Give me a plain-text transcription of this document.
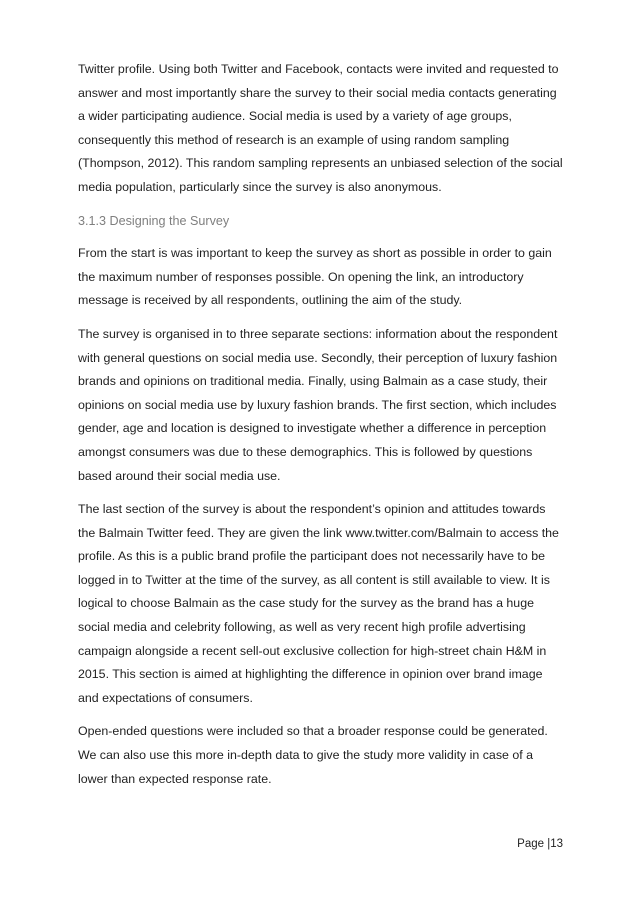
Twitter profile. Using both Twitter and Facebook, contacts were invited and requested to answer and most importantly share the survey to their social media contacts generating a wider participating audience. Social media is used by a variety of age groups, consequently this method of research is an example of using random sampling (Thompson, 2012). This random sampling represents an unbiased selection of the social media population, particularly since the survey is also anonymous.

3.1.3 Designing the Survey

From the start is was important to keep the survey as short as possible in order to gain the maximum number of responses possible. On opening the link, an introductory message is received by all respondents, outlining the aim of the study.

The survey is organised in to three separate sections: information about the respondent with general questions on social media use. Secondly, their perception of luxury fashion brands and opinions on traditional media. Finally, using Balmain as a case study, their opinions on social media use by luxury fashion brands. The first section, which includes gender, age and location is designed to investigate whether a difference in perception amongst consumers was due to these demographics. This is followed by questions based around their social media use.

The last section of the survey is about the respondent’s opinion and attitudes towards the Balmain Twitter feed. They are given the link www.twitter.com/Balmain to access the profile. As this is a public brand profile the participant does not necessarily have to be logged in to Twitter at the time of the survey, as all content is still available to view. It is logical to choose Balmain as the case study for the survey as the brand has a huge social media and celebrity following, as well as very recent high profile advertising campaign alongside a recent sell-out exclusive collection for high-street chain H&M in 2015. This section is aimed at highlighting the difference in opinion over brand image and expectations of consumers.

Open-ended questions were included so that a broader response could be generated. We can also use this more in-depth data to give the study more validity in case of a lower than expected response rate.

Page |13
